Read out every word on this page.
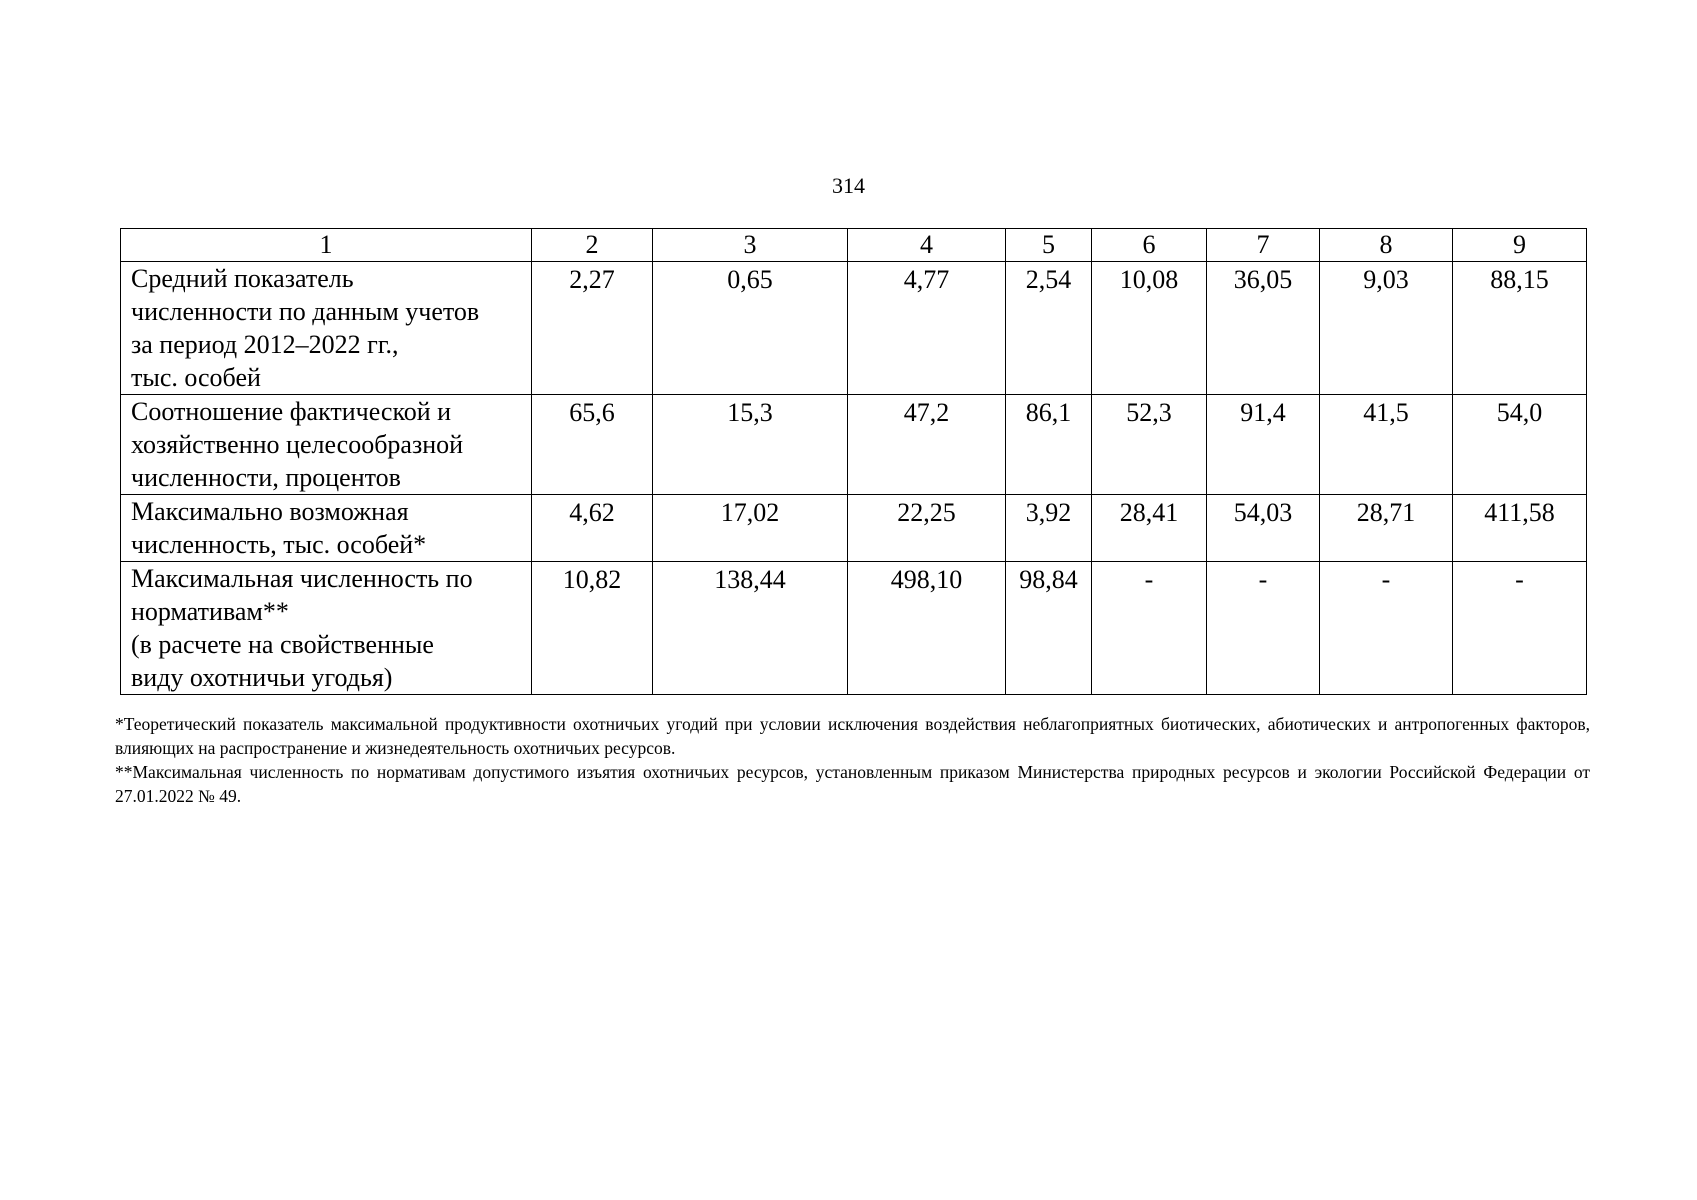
314
1	2	3	4	5	6	7	8	9
Средний показатель
численности по данным учетов
за период 2012–2022 гг.,
тыс. особей	2,27	0,65	4,77	2,54	10,08	36,05	9,03	88,15
Соотношение фактической и
хозяйственно целесообразной
численности, процентов	65,6	15,3	47,2	86,1	52,3	91,4	41,5	54,0
Максимально возможная
численность, тыс. особей*	4,62	17,02	22,25	3,92	28,41	54,03	28,71	411,58
Максимальная численность по
нормативам**
(в расчете на свойственные
виду охотничьи угодья)	10,82	138,44	498,10	98,84	-	-	-	-

*Теоретический показатель максимальной продуктивности охотничьих угодий при условии исключения воздействия неблагоприятных биотических, абиотических и антропогенных факторов, влияющих на распространение и жизнедеятельность охотничьих ресурсов.

**Максимальная численность по нормативам допустимого изъятия охотничьих ресурсов, установленным приказом Министерства природных ресурсов и экологии Российской Федерации от 27.01.2022 № 49.
